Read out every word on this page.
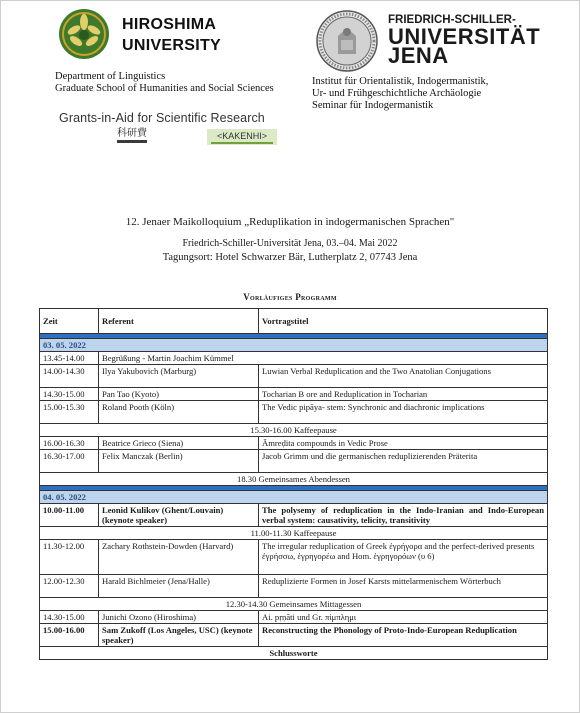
HIROSHIMA
UNIVERSITY
Department of Linguistics
Graduate School of Humanities and Social Sciences
Grants-in-Aid for Scientific Research
科研費	<KAKENHI>
FRIEDRICH-SCHILLER-
UNIVERSITÄT
JENA
Institut für Orientalistik, Indogermanistik,
Ur- und Frühgeschichtliche Archäologie
Seminar für Indogermanistik
12. Jenaer Maikolloquium „Reduplikation in indogermanischen Sprachen"
Friedrich-Schiller-Universität Jena, 03.–04. Mai 2022
Tagungsort: Hotel Schwarzer Bär, Lutherplatz 2, 07743 Jena
Vorläufiges Programm
Zeit	Referent	Vortragstitel

03. 05. 2022		
13.45-14.00	Begrüßung - Martin Joachim Kümmel	
14.00-14.30	Ilya Yakubovich (Marburg)	Luwian Verbal Reduplication and the Two Anatolian Conjugations
14.30-15.00	Pan Tao (Kyoto)	Tocharian B ore and Reduplication in Tocharian
15.00-15.30	Roland Pooth (Köln)	The Vedic pipāya- stem: Synchronic and diachronic implications
15.30-16.00 Kaffeepause		
16.00-16.30	Beatrice Grieco (Siena)	Āmreḍita compounds in Vedic Prose
16.30-17.00	Felix Manczak (Berlin)	Jacob Grimm und die germanischen reduplizierenden Präterita
18.30 Gemeinsames Abendessen		

04. 05. 2022		
10.00-11.00	Leonid Kulikov (Ghent/Louvain) (keynote speaker)	The polysemy of reduplication in the Indo-Iranian and Indo-European verbal system: causativity, telicity, transitivity
11.00-11.30 Kaffeepause		
11.30-12.00	Zachary Rothstein-Dowden (Harvard)	The irregular reduplication of Greek ἐγρήγορα and the perfect-derived presents ἐγρήσσω, ἐγρηγορέω and Hom. ἐγρηγορόων (υ 6)
12.00-12.30	Harald Bichlmeier (Jena/Halle)	Reduplizierte Formen in Josef Karsts mittelarmenischem Wörterbuch
12.30-14.30 Gemeinsames Mittagessen		
14.30-15.00	Junichi Ozono (Hiroshima)	Ai. pṛṇāti und Gr. πίμπλημι
15.00-16.00	Sam Zukoff (Los Angeles, USC) (keynote speaker)	Reconstructing the Phonology of Proto-Indo-European Reduplication
Schlussworte		
